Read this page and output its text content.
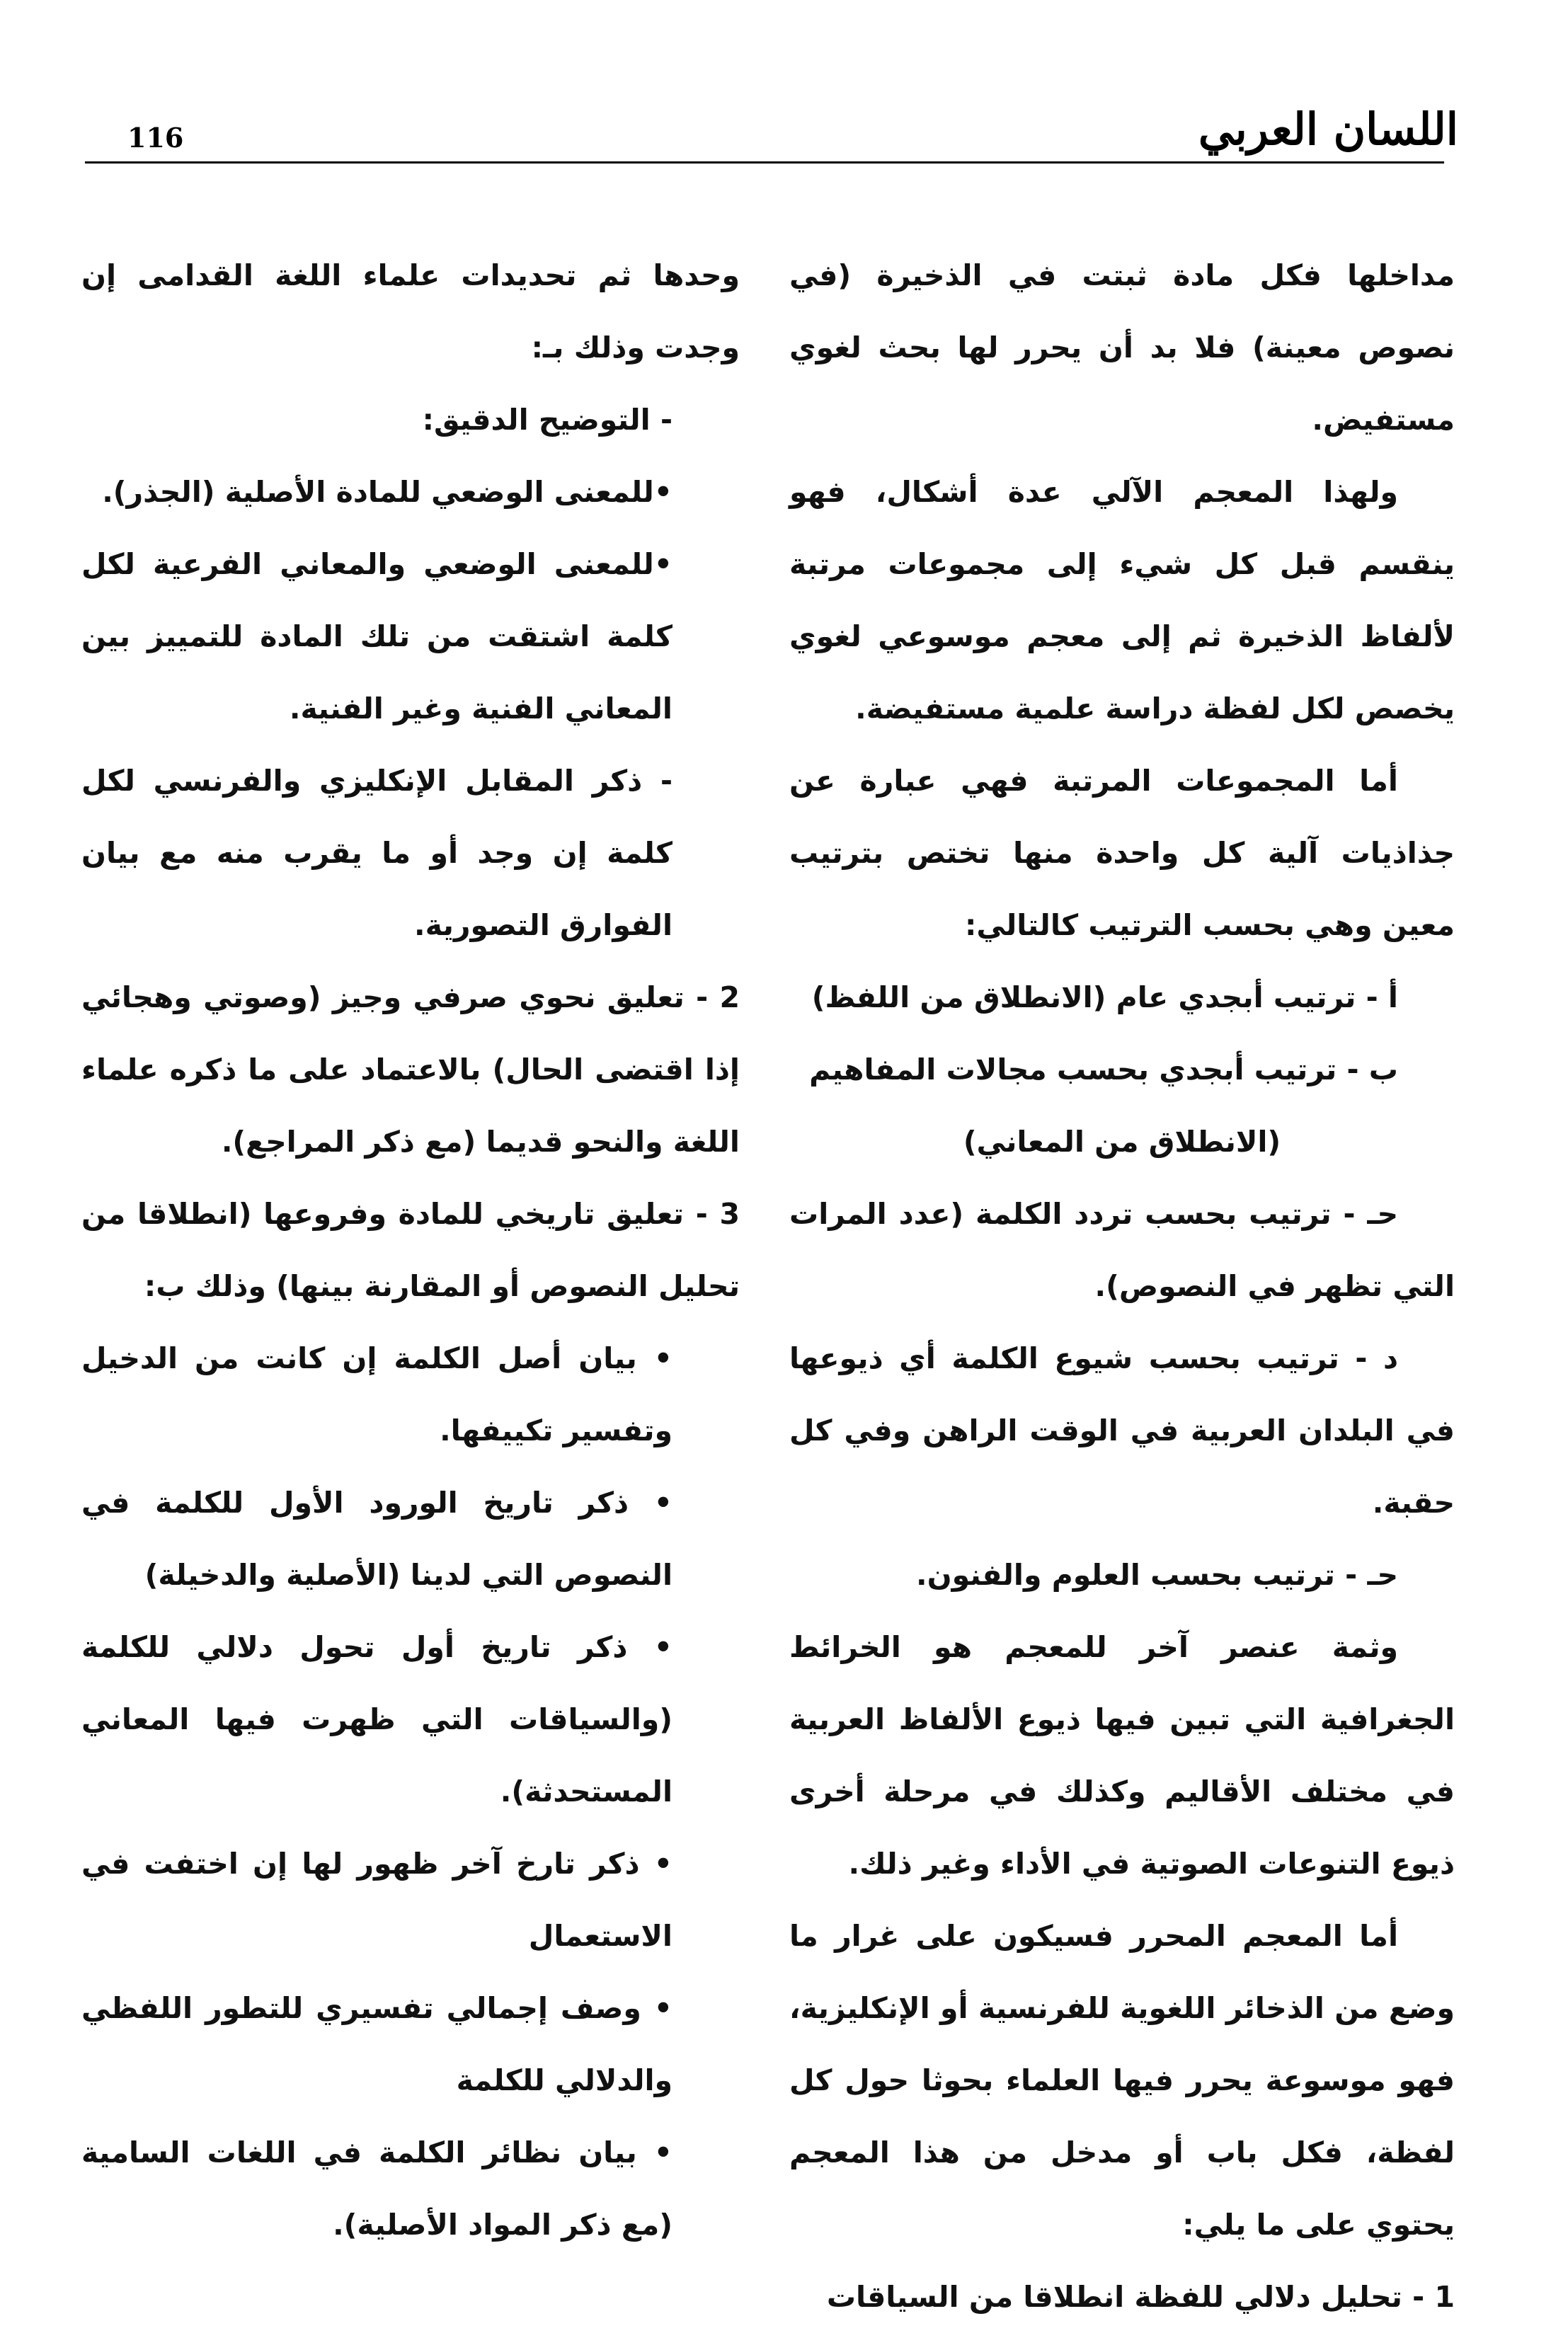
اللسان العربي
116

مداخلها فكل مادة ثبتت في الذخيرة (في نصوص معينة) فلا بد أن يحرر لها بحث لغوي مستفيض.

ولهذا المعجم الآلي عدة أشكال، فهو ينقسم قبل كل شيء إلى مجموعات مرتبة لألفاظ الذخيرة ثم إلى معجم موسوعي لغوي يخصص لكل لفظة دراسة علمية مستفيضة.

أما المجموعات المرتبة فهي عبارة عن جذاذيات آلية كل واحدة منها تختص بترتيب معين وهي بحسب الترتيب كالتالي:

أ - ترتيب أبجدي عام (الانطلاق من اللفظ)

ب - ترتيب أبجدي بحسب مجالات المفاهيم

(الانطلاق من المعاني)

حـ - ترتيب بحسب تردد الكلمة (عدد المرات التي تظهر في النصوص).

د - ترتيب بحسب شيوع الكلمة أي ذيوعها في البلدان العربية في الوقت الراهن وفي كل حقبة.

حـ - ترتيب بحسب العلوم والفنون.

وثمة عنصر آخر للمعجم هو الخرائط الجغرافية التي تبين فيها ذيوع الألفاظ العربية في مختلف الأقاليم وكذلك في مرحلة أخرى ذيوع التنوعات الصوتية في الأداء وغير ذلك.

أما المعجم المحرر فسيكون على غرار ما وضع من الذخائر اللغوية للفرنسية أو الإنكليزية، فهو موسوعة يحرر فيها العلماء بحوثا حول كل لفظة، فكل باب أو مدخل من هذا المعجم يحتوي على ما يلي:

1 - تحليل دلالي للفظة انطلاقا من السياقات

وحدها ثم تحديدات علماء اللغة القدامى إن وجدت وذلك بـ:

- التوضيح الدقيق:

•للمعنى الوضعي للمادة الأصلية (الجذر).

•للمعنى الوضعي والمعاني الفرعية لكل كلمة اشتقت من تلك المادة للتمييز بين المعاني الفنية وغير الفنية.

- ذكر المقابل الإنكليزي والفرنسي لكل كلمة إن وجد أو ما يقرب منه مع بيان الفوارق التصورية.

2 - تعليق نحوي صرفي وجيز (وصوتي وهجائي إذا اقتضى الحال) بالاعتماد على ما ذكره علماء اللغة والنحو قديما (مع ذكر المراجع).

3 - تعليق تاريخي للمادة وفروعها (انطلاقا من تحليل النصوص أو المقارنة بينها) وذلك ب:

• بيان أصل الكلمة إن كانت من الدخيل وتفسير تكييفها.

• ذكر تاريخ الورود الأول للكلمة في النصوص التي لدينا (الأصلية والدخيلة)

• ذكر تاريخ أول تحول دلالي للكلمة (والسياقات التي ظهرت فيها المعاني المستحدثة).

• ذكر تارخ آخر ظهور لها إن اختفت في الاستعمال

• وصف إجمالي تفسيري للتطور اللفظي والدلالي للكلمة

• بيان نظائر الكلمة في اللغات السامية (مع ذكر المواد الأصلية).
